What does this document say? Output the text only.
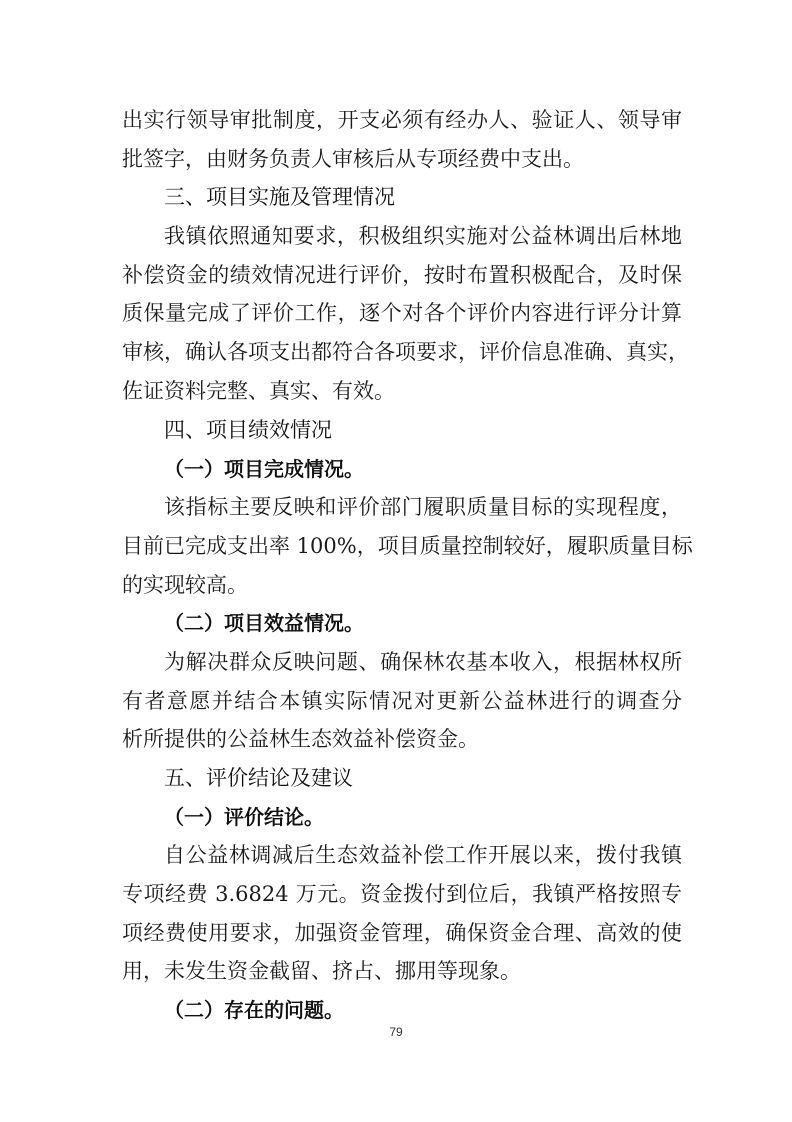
出实行领导审批制度，开支必须有经办人、验证人、领导审
批签字，由财务负责人审核后从专项经费中支出。
三、项目实施及管理情况
我镇依照通知要求，积极组织实施对公益林调出后林地
补偿资金的绩效情况进行评价，按时布置积极配合，及时保
质保量完成了评价工作，逐个对各个评价内容进行评分计算
审核，确认各项支出都符合各项要求，评价信息准确、真实，
佐证资料完整、真实、有效。
四、项目绩效情况
（一）项目完成情况。
该指标主要反映和评价部门履职质量目标的实现程度，
目前已完成支出率 100%，项目质量控制较好，履职质量目标
的实现较高。
（二）项目效益情况。
为解决群众反映问题、确保林农基本收入，根据林权所
有者意愿并结合本镇实际情况对更新公益林进行的调查分
析所提供的公益林生态效益补偿资金。
五、评价结论及建议
（一）评价结论。
自公益林调减后生态效益补偿工作开展以来，拨付我镇
专项经费 3.6824 万元。资金拨付到位后，我镇严格按照专
项经费使用要求，加强资金管理，确保资金合理、高效的使
用，未发生资金截留、挤占、挪用等现象。
（二）存在的问题。
79
